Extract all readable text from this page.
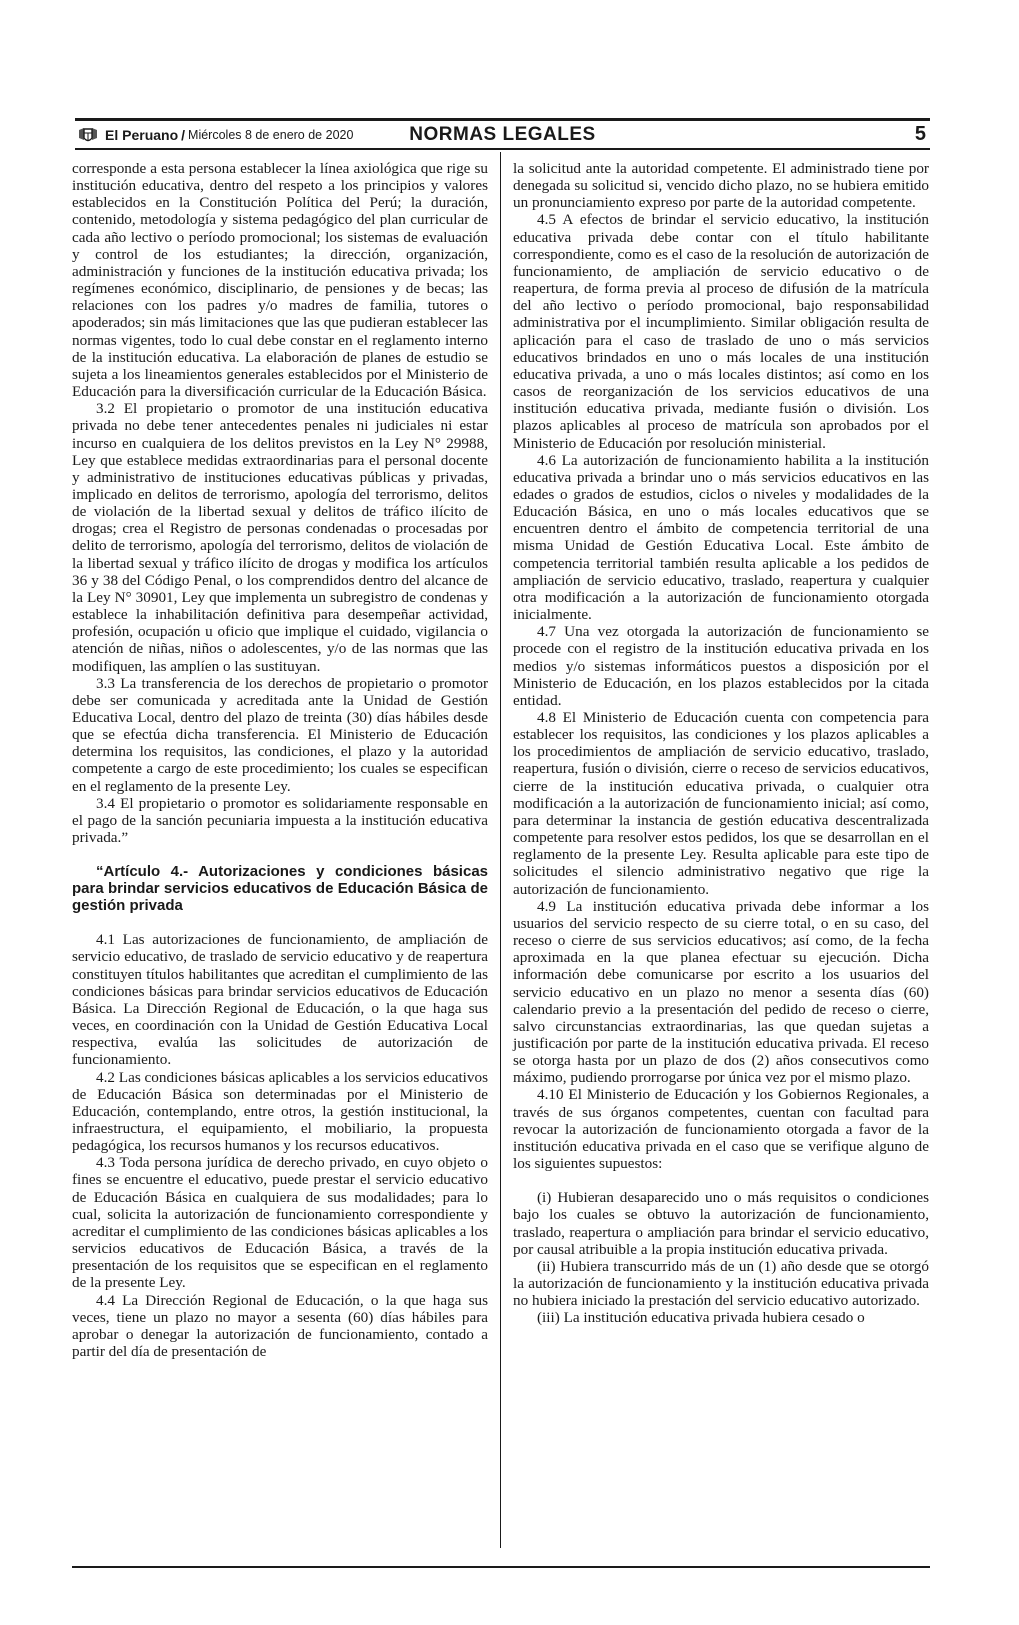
El Peruano / Miércoles 8 de enero de 2020	NORMAS LEGALES	5

corresponde a esta persona establecer la línea axiológica que rige su institución educativa, dentro del respeto a los principios y valores establecidos en la Constitución Política del Perú; la duración, contenido, metodología y sistema pedagógico del plan curricular de cada año lectivo o período promocional; los sistemas de evaluación y control de los estudiantes; la dirección, organización, administración y funciones de la institución educativa privada; los regímenes económico, disciplinario, de pensiones y de becas; las relaciones con los padres y/o madres de familia, tutores o apoderados; sin más limitaciones que las que pudieran establecer las normas vigentes, todo lo cual debe constar en el reglamento interno de la institución educativa. La elaboración de planes de estudio se sujeta a los lineamientos generales establecidos por el Ministerio de Educación para la diversificación curricular de la Educación Básica.

3.2 El propietario o promotor de una institución educativa privada no debe tener antecedentes penales ni judiciales ni estar incurso en cualquiera de los delitos previstos en la Ley N° 29988, Ley que establece medidas extraordinarias para el personal docente y administrativo de instituciones educativas públicas y privadas, implicado en delitos de terrorismo, apología del terrorismo, delitos de violación de la libertad sexual y delitos de tráfico ilícito de drogas; crea el Registro de personas condenadas o procesadas por delito de terrorismo, apología del terrorismo, delitos de violación de la libertad sexual y tráfico ilícito de drogas y modifica los artículos 36 y 38 del Código Penal, o los comprendidos dentro del alcance de la Ley N° 30901, Ley que implementa un subregistro de condenas y establece la inhabilitación definitiva para desempeñar actividad, profesión, ocupación u oficio que implique el cuidado, vigilancia o atención de niñas, niños o adolescentes, y/o de las normas que las modifiquen, las amplíen o las sustituyan.

3.3 La transferencia de los derechos de propietario o promotor debe ser comunicada y acreditada ante la Unidad de Gestión Educativa Local, dentro del plazo de treinta (30) días hábiles desde que se efectúa dicha transferencia. El Ministerio de Educación determina los requisitos, las condiciones, el plazo y la autoridad competente a cargo de este procedimiento; los cuales se especifican en el reglamento de la presente Ley.

3.4 El propietario o promotor es solidariamente responsable en el pago de la sanción pecuniaria impuesta a la institución educativa privada.”

“Artículo 4.- Autorizaciones y condiciones básicas para brindar servicios educativos de Educación Básica de gestión privada

4.1 Las autorizaciones de funcionamiento, de ampliación de servicio educativo, de traslado de servicio educativo y de reapertura constituyen títulos habilitantes que acreditan el cumplimiento de las condiciones básicas para brindar servicios educativos de Educación Básica. La Dirección Regional de Educación, o la que haga sus veces, en coordinación con la Unidad de Gestión Educativa Local respectiva, evalúa las solicitudes de autorización de funcionamiento.

4.2 Las condiciones básicas aplicables a los servicios educativos de Educación Básica son determinadas por el Ministerio de Educación, contemplando, entre otros, la gestión institucional, la infraestructura, el equipamiento, el mobiliario, la propuesta pedagógica, los recursos humanos y los recursos educativos.

4.3 Toda persona jurídica de derecho privado, en cuyo objeto o fines se encuentre el educativo, puede prestar el servicio educativo de Educación Básica en cualquiera de sus modalidades; para lo cual, solicita la autorización de funcionamiento correspondiente y acreditar el cumplimiento de las condiciones básicas aplicables a los servicios educativos de Educación Básica, a través de la presentación de los requisitos que se especifican en el reglamento de la presente Ley.

4.4 La Dirección Regional de Educación, o la que haga sus veces, tiene un plazo no mayor a sesenta (60) días hábiles para aprobar o denegar la autorización de funcionamiento, contado a partir del día de presentación de

la solicitud ante la autoridad competente. El administrado tiene por denegada su solicitud si, vencido dicho plazo, no se hubiera emitido un pronunciamiento expreso por parte de la autoridad competente.

4.5 A efectos de brindar el servicio educativo, la institución educativa privada debe contar con el título habilitante correspondiente, como es el caso de la resolución de autorización de funcionamiento, de ampliación de servicio educativo o de reapertura, de forma previa al proceso de difusión de la matrícula del año lectivo o período promocional, bajo responsabilidad administrativa por el incumplimiento. Similar obligación resulta de aplicación para el caso de traslado de uno o más servicios educativos brindados en uno o más locales de una institución educativa privada, a uno o más locales distintos; así como en los casos de reorganización de los servicios educativos de una institución educativa privada, mediante fusión o división. Los plazos aplicables al proceso de matrícula son aprobados por el Ministerio de Educación por resolución ministerial.

4.6 La autorización de funcionamiento habilita a la institución educativa privada a brindar uno o más servicios educativos en las edades o grados de estudios, ciclos o niveles y modalidades de la Educación Básica, en uno o más locales educativos que se encuentren dentro el ámbito de competencia territorial de una misma Unidad de Gestión Educativa Local. Este ámbito de competencia territorial también resulta aplicable a los pedidos de ampliación de servicio educativo, traslado, reapertura y cualquier otra modificación a la autorización de funcionamiento otorgada inicialmente.

4.7 Una vez otorgada la autorización de funcionamiento se procede con el registro de la institución educativa privada en los medios y/o sistemas informáticos puestos a disposición por el Ministerio de Educación, en los plazos establecidos por la citada entidad.

4.8 El Ministerio de Educación cuenta con competencia para establecer los requisitos, las condiciones y los plazos aplicables a los procedimientos de ampliación de servicio educativo, traslado, reapertura, fusión o división, cierre o receso de servicios educativos, cierre de la institución educativa privada, o cualquier otra modificación a la autorización de funcionamiento inicial; así como, para determinar la instancia de gestión educativa descentralizada competente para resolver estos pedidos, los que se desarrollan en el reglamento de la presente Ley. Resulta aplicable para este tipo de solicitudes el silencio administrativo negativo que rige la autorización de funcionamiento.

4.9 La institución educativa privada debe informar a los usuarios del servicio respecto de su cierre total, o en su caso, del receso o cierre de sus servicios educativos; así como, de la fecha aproximada en la que planea efectuar su ejecución. Dicha información debe comunicarse por escrito a los usuarios del servicio educativo en un plazo no menor a sesenta días (60) calendario previo a la presentación del pedido de receso o cierre, salvo circunstancias extraordinarias, las que quedan sujetas a justificación por parte de la institución educativa privada. El receso se otorga hasta por un plazo de dos (2) años consecutivos como máximo, pudiendo prorrogarse por única vez por el mismo plazo.

4.10 El Ministerio de Educación y los Gobiernos Regionales, a través de sus órganos competentes, cuentan con facultad para revocar la autorización de funcionamiento otorgada a favor de la institución educativa privada en el caso que se verifique alguno de los siguientes supuestos:

(i) Hubieran desaparecido uno o más requisitos o condiciones bajo los cuales se obtuvo la autorización de funcionamiento, traslado, reapertura o ampliación para brindar el servicio educativo, por causal atribuible a la propia institución educativa privada.

(ii) Hubiera transcurrido más de un (1) año desde que se otorgó la autorización de funcionamiento y la institución educativa privada no hubiera iniciado la prestación del servicio educativo autorizado.

(iii) La institución educativa privada hubiera cesado o
